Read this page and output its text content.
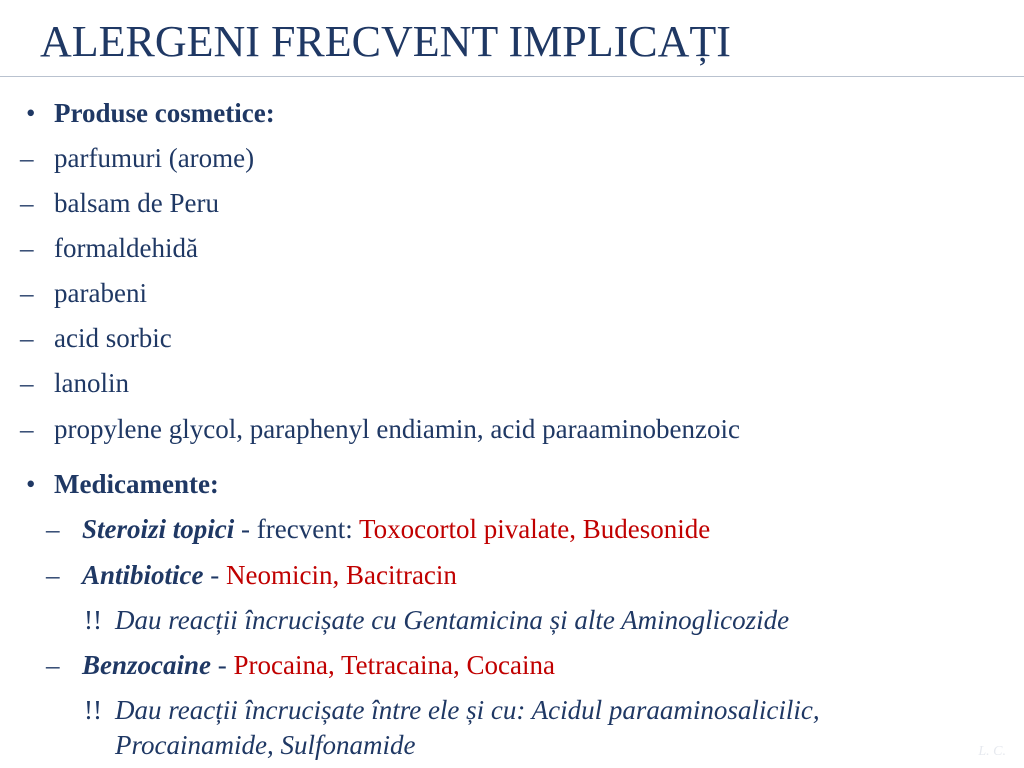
ALERGENI FRECVENT IMPLICAȚI
• Produse cosmetice:
– parfumuri (arome)
– balsam de Peru
– formaldehidă
– parabeni
– acid sorbic
– lanolin
– propylene glycol, paraphenyl endiamin, acid paraaminobenzoic
• Medicamente:
– Steroizi topici - frecvent: Toxocortol pivalate, Budesonide
– Antibiotice - Neomicin, Bacitracin
!! Dau reacții încrucișate cu Gentamicina și alte Aminoglicozide
– Benzocaine - Procaina, Tetracaina, Cocaina
!! Dau reacții încrucișate între ele și cu: Acidul paraaminosalicilic,
Procainamide, Sulfonamide	L. C.
